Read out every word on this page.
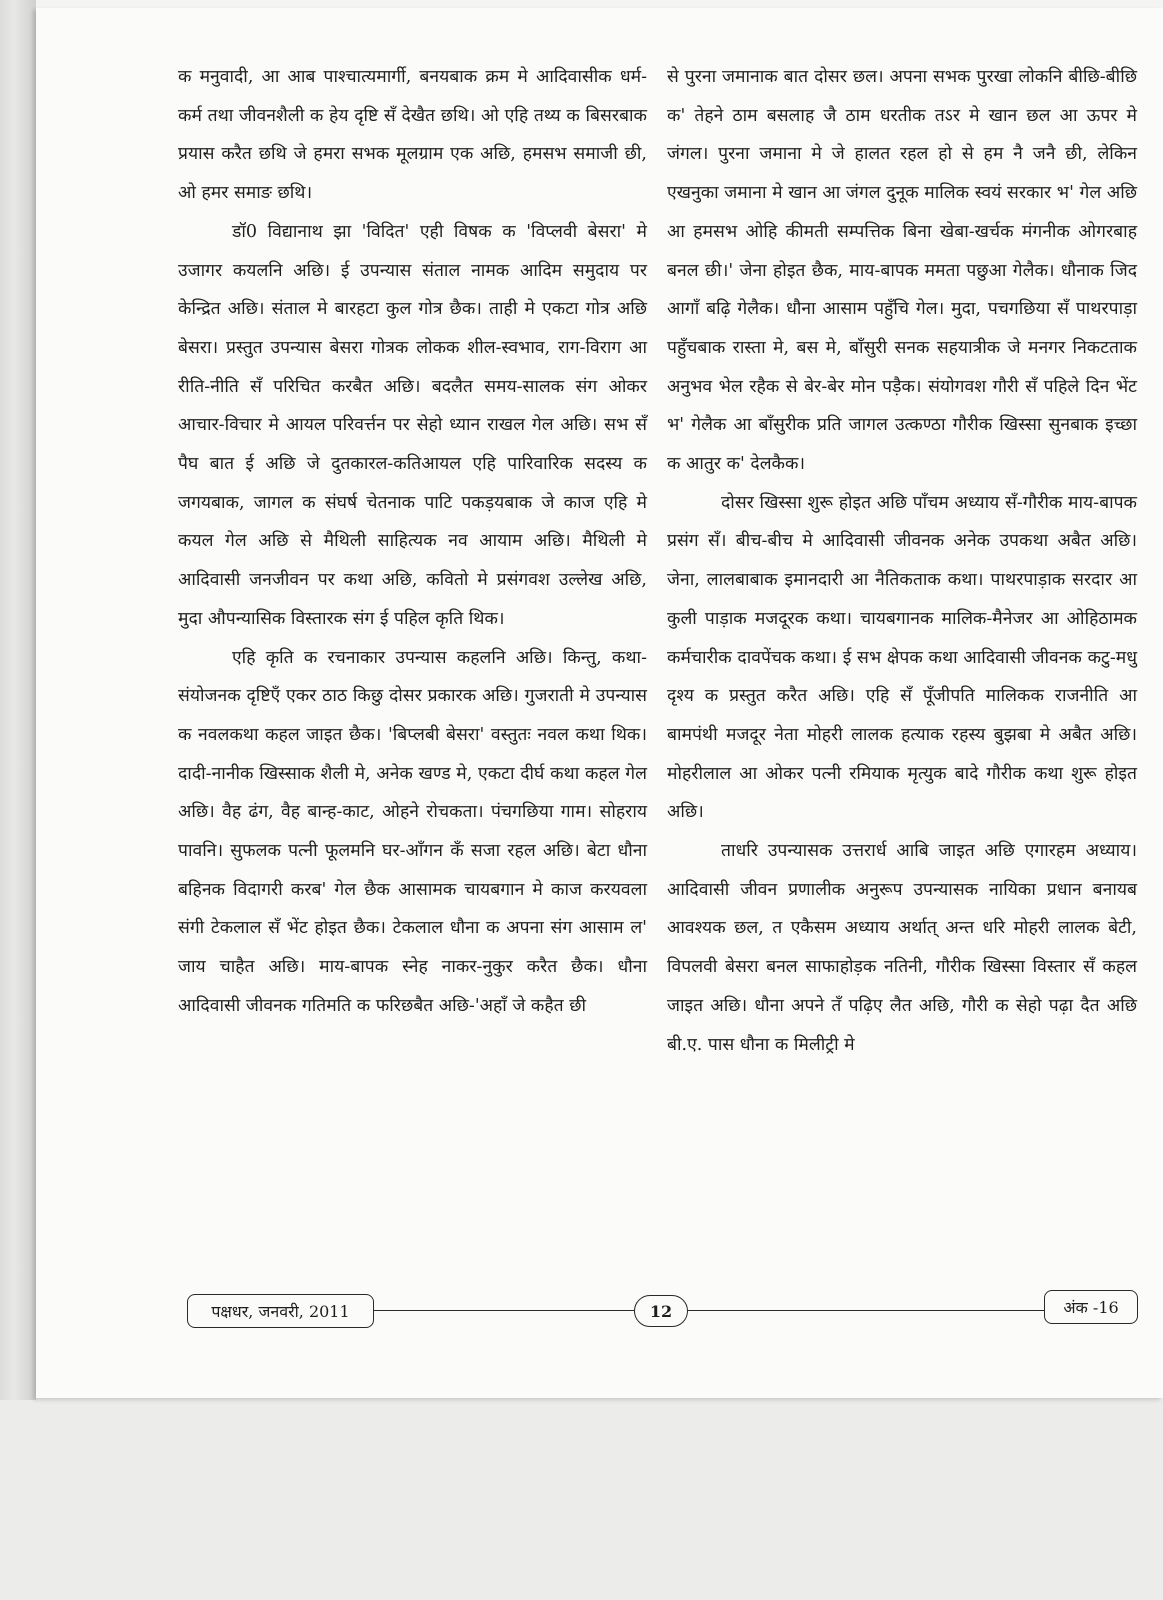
क मनुवादी, आ आब पाश्चात्यमार्गी, बनयबाक क्रम मे आदिवासीक धर्म-कर्म तथा जीवनशैली क हेय दृष्टि सँ देखैत छथि। ओ एहि तथ्य क बिसरबाक प्रयास करैत छथि जे हमरा सभक मूलग्राम एक अछि, हमसभ समाजी छी, ओ हमर समाङ छथि।

डॉ0 विद्यानाथ झा 'विदित' एही विषक क 'विप्लवी बेसरा' मे उजागर कयलनि अछि। ई उपन्यास संताल नामक आदिम समुदाय पर केन्द्रित अछि। संताल मे बारहटा कुल गोत्र छैक। ताही मे एकटा गोत्र अछि बेसरा। प्रस्तुत उपन्यास बेसरा गोत्रक लोकक शील-स्वभाव, राग-विराग आ रीति-नीति सँ परिचित करबैत अछि। बदलैत समय-सालक संग ओकर आचार-विचार मे आयल परिवर्त्तन पर सेहो ध्यान राखल गेल अछि। सभ सँ पैघ बात ई अछि जे दुतकारल-कतिआयल एहि पारिवारिक सदस्य क जगयबाक, जागल क संघर्ष चेतनाक पाटि पकड़यबाक जे काज एहि मे कयल गेल अछि से मैथिली साहित्यक नव आयाम अछि। मैथिली मे आदिवासी जनजीवन पर कथा अछि, कवितो मे प्रसंगवश उल्लेख अछि, मुदा औपन्यासिक विस्तारक संग ई पहिल कृति थिक।

एहि कृति क रचनाकार उपन्यास कहलनि अछि। किन्तु, कथा-संयोजनक दृष्टिएँ एकर ठाठ किछु दोसर प्रकारक अछि। गुजराती मे उपन्यास क नवलकथा कहल जाइत छैक। 'बिप्लबी बेसरा' वस्तुतः नवल कथा थिक। दादी-नानीक खिस्साक शैली मे, अनेक खण्ड मे, एकटा दीर्घ कथा कहल गेल अछि। वैह ढंग, वैह बान्ह-काट, ओहने रोचकता। पंचगछिया गाम। सोहराय पावनि। सुफलक पत्नी फूलमनि घर-आँगन कँ सजा रहल अछि। बेटा धौना बहिनक विदागरी करब' गेल छैक आसामक चायबगान मे काज करयवला संगी टेकलाल सँ भेंट होइत छैक। टेकलाल धौना क अपना संग आसाम ल' जाय चाहैत अछि। माय-बापक स्नेह नाकर-नुकुर करैत छैक। धौना आदिवासी जीवनक गतिमति क फरिछबैत अछि-'अहाँ जे कहैत छी

से पुरना जमानाक बात दोसर छल। अपना सभक पुरखा लोकनि बीछि-बीछि क' तेहने ठाम बसलाह जै ठाम धरतीक तऽर मे खान छल आ ऊपर मे जंगल। पुरना जमाना मे जे हालत रहल हो से हम नै जनै छी, लेकिन एखनुका जमाना मे खान आ जंगल दुनूक मालिक स्वयं सरकार भ' गेल अछि आ हमसभ ओहि कीमती सम्पत्तिक बिना खेबा-खर्चक मंगनीक ओगरबाह बनल छी।' जेना होइत छैक, माय-बापक ममता पछुआ गेलैक। धौनाक जिद आगाँ बढ़ि गेलैक। धौना आसाम पहुँचि गेल। मुदा, पचगछिया सँ पाथरपाड़ा पहुँचबाक रास्ता मे, बस मे, बाँसुरी सनक सहयात्रीक जे मनगर निकटताक अनुभव भेल रहैक से बेर-बेर मोन पड़ैक। संयोगवश गौरी सँ पहिले दिन भेंट भ' गेलैक आ बाँसुरीक प्रति जागल उत्कण्ठा गौरीक खिस्सा सुनबाक इच्छा क आतुर क' देलकैक।

दोसर खिस्सा शुरू होइत अछि पाँचम अध्याय सँ-गौरीक माय-बापक प्रसंग सँ। बीच-बीच मे आदिवासी जीवनक अनेक उपकथा अबैत अछि। जेना, लालबाबाक इमानदारी आ नैतिकताक कथा। पाथरपाड़ाक सरदार आ कुली पाड़ाक मजदूरक कथा। चायबगानक मालिक-मैनेजर आ ओहिठामक कर्मचारीक दावपेंचक कथा। ई सभ क्षेपक कथा आदिवासी जीवनक कटु-मधु दृश्य क प्रस्तुत करैत अछि। एहि सँ पूँजीपति मालिकक राजनीति आ बामपंथी मजदूर नेता मोहरी लालक हत्याक रहस्य बुझबा मे अबैत अछि। मोहरीलाल आ ओकर पत्नी रमियाक मृत्युक बादे गौरीक कथा शुरू होइत अछि।

ताधरि उपन्यासक उत्तरार्ध आबि जाइत अछि एगारहम अध्याय। आदिवासी जीवन प्रणालीक अनुरूप उपन्यासक नायिका प्रधान बनायब आवश्यक छल, त एकैसम अध्याय अर्थात् अन्त धरि मोहरी लालक बेटी, विपलवी बेसरा बनल साफाहोड़क नतिनी, गौरीक खिस्सा विस्तार सँ कहल जाइत अछि। धौना अपने तँ पढ़िए लैत अछि, गौरी क सेहो पढ़ा दैत अछि बी.ए. पास धौना क मिलीट्री मे

पक्षधर, जनवरी, 2011	12	अंक -16
